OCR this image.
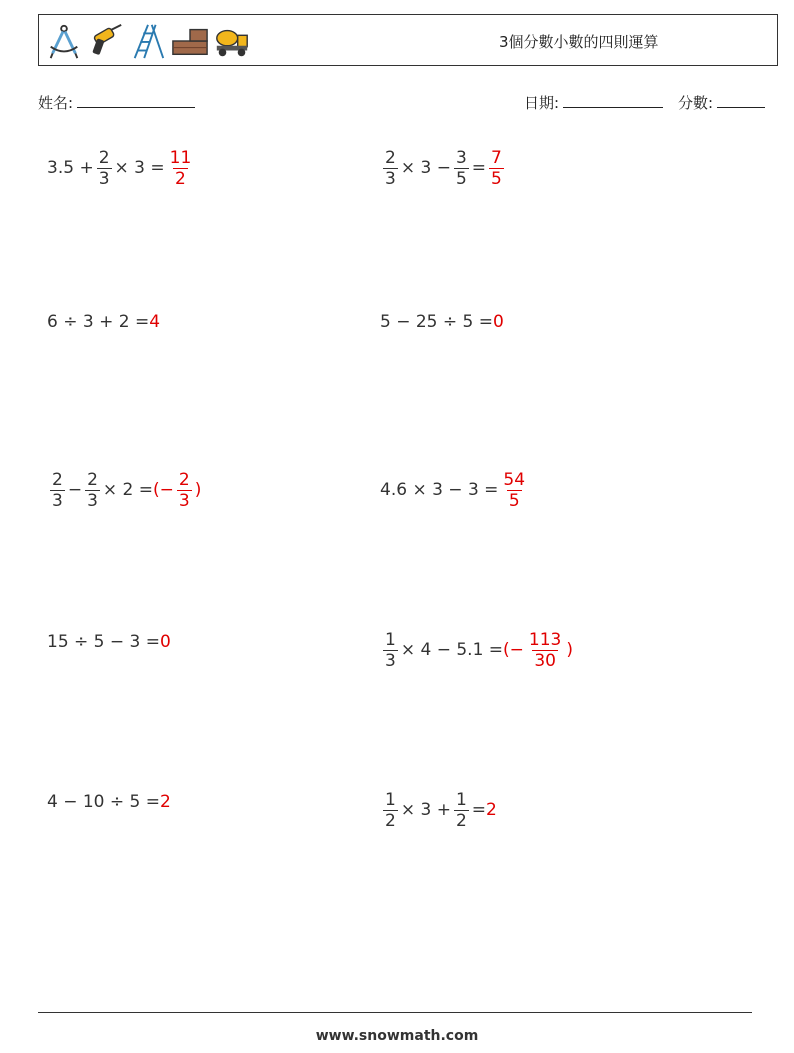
3個分數小數的四則運算
姓名:	日期:	分數:
$3.5 + \frac{2}{3} \times 3 = \frac{11}{2}$	$\frac{2}{3} \times 3 - \frac{3}{5} = \frac{7}{5}$
6 ÷ 3 + 2 = 4	5 − 25 ÷ 5 = 0
$\frac{2}{3} - \frac{2}{3} \times 2$ = (− $\frac{2}{3}$ )	$4.6 \times 3 - 3 = \frac{54}{5}$
15 ÷ 5 − 3 = 0	$\frac{1}{3} \times 4 - 5.1$ = (− $\frac{113}{30}$ )
4 − 10 ÷ 5 = 2	$\frac{1}{2} \times 3 + \frac{1}{2} = 2$
www.snowmath.com
